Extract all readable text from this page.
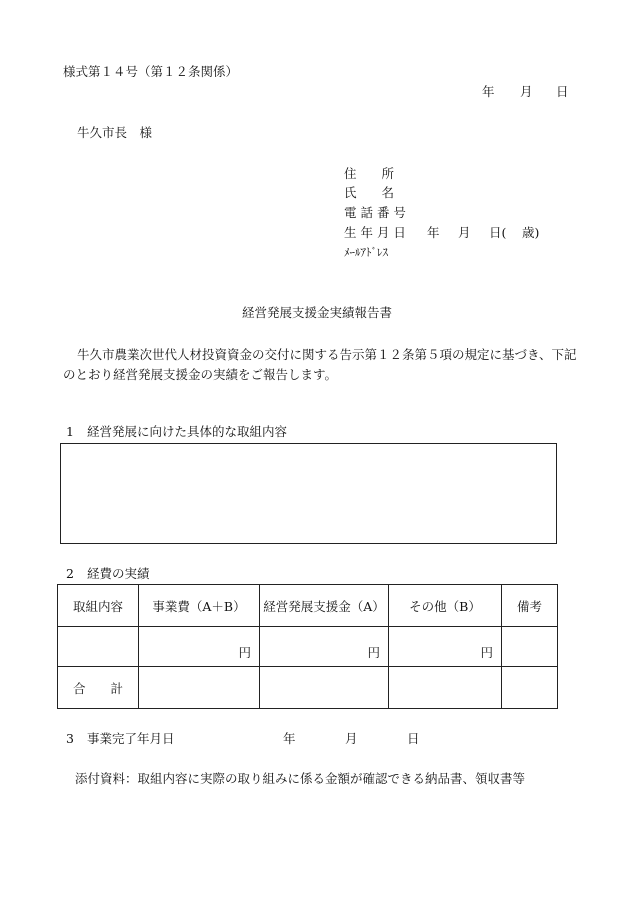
様式第１４号（第１２条関係）
年 月 日
牛久市長　様
住　　所
氏　　名
電 話 番 号
生 年 月 日 年 月 日( 歳)
ﾒｰﾙｱﾄﾞﾚｽ
経営発展支援金実績報告書
牛久市農業次世代人材投資資金の交付に関する告示第１２条第５項の規定に基づき、下記
のとおり経営発展支援金の実績をご報告します。
1 経営発展に向けた具体的な取組内容
2 経費の実績
取組内容	事業費（A＋B）	経営発展支援金（A）	その他（B）	備考
	円	円	円	
合　　計				
3 事業完了年月日	年	月	日
添付資料：取組内容に実際の取り組みに係る金額が確認できる納品書、領収書等
